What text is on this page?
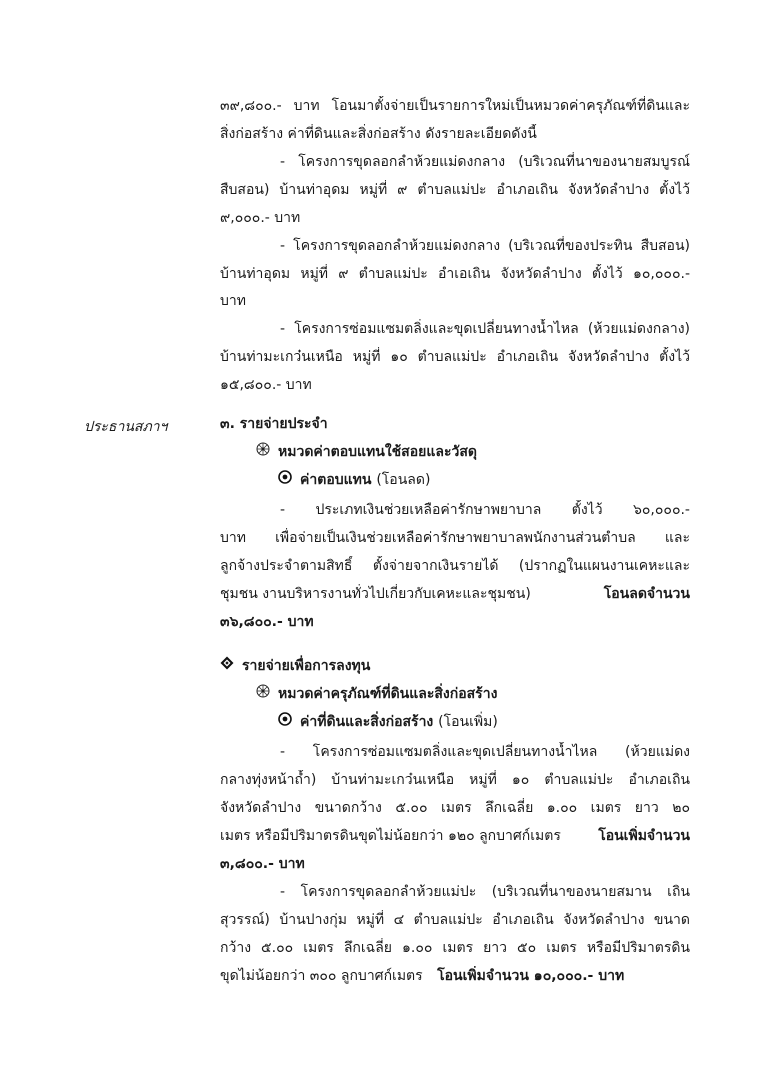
๓๙,๘๐๐.- บาท โอนมาตั้งจ่ายเป็นรายการใหม่เป็นหมวดค่าครุภัณฑ์ที่ดินและ
สิ่งก่อสร้าง ค่าที่ดินและสิ่งก่อสร้าง ดังรายละเอียดดังนี้
- โครงการขุดลอกลำห้วยแม่ดงกลาง (บริเวณที่นาของนายสมบูรณ์
สืบสอน) บ้านท่าอุดม หมู่ที่ ๙ ตำบลแม่ปะ อำเภอเถิน จังหวัดลำปาง ตั้งไว้
๙,๐๐๐.- บาท
- โครงการขุดลอกลำห้วยแม่ดงกลาง (บริเวณที่ของประทิน สืบสอน)
บ้านท่าอุดม หมู่ที่ ๙ ตำบลแม่ปะ อำเอเถิน จังหวัดลำปาง ตั้งไว้ ๑๐,๐๐๐.-
บาท
- โครงการซ่อมแซมตลิ่งและขุดเปลี่ยนทางน้ำไหล (ห้วยแม่ดงกลาง)
บ้านท่ามะเกว๋นเหนือ หมู่ที่ ๑๐ ตำบลแม่ปะ อำเภอเถิน จังหวัดลำปาง ตั้งไว้
๑๕,๘๐๐.- บาท
ประธานสภาฯ	๓. รายจ่ายประจำ
หมวดค่าตอบแทนใช้สอยและวัสดุ
ค่าตอบแทน (โอนลด)
- ประเภทเงินช่วยเหลือค่ารักษาพยาบาล ตั้งไว้ ๖๐,๐๐๐.-
บาท เพื่อจ่ายเป็นเงินช่วยเหลือค่ารักษาพยาบาลพนักงานส่วนตำบล และ
ลูกจ้างประจำตามสิทธิ์ ตั้งจ่ายจากเงินรายได้ (ปรากฏในแผนงานเคหะและ
ชุมชน งานบริหารงานทั่วไปเกี่ยวกับเคหะและชุมชน)	โอนลดจำนวน
๓๖,๘๐๐.- บาท
รายจ่ายเพื่อการลงทุน
หมวดค่าครุภัณฑ์ที่ดินและสิ่งก่อสร้าง
ค่าที่ดินและสิ่งก่อสร้าง (โอนเพิ่ม)
- โครงการซ่อมแซมตลิ่งและขุดเปลี่ยนทางน้ำไหล (ห้วยแม่ดง
กลางทุ่งหน้าถ้ำ) บ้านท่ามะเกว๋นเหนือ หมู่ที่ ๑๐ ตำบลแม่ปะ อำเภอเถิน
จังหวัดลำปาง ขนาดกว้าง ๕.๐๐ เมตร ลึกเฉลี่ย ๑.๐๐ เมตร ยาว ๒๐
เมตร หรือมีปริมาตรดินขุดไม่น้อยกว่า ๑๒๐ ลูกบาศก์เมตร	โอนเพิ่มจำนวน
๓,๘๐๐.- บาท
- โครงการขุดลอกลำห้วยแม่ปะ (บริเวณที่นาของนายสมาน เถิน
สุวรรณ์) บ้านปางกุ่ม หมู่ที่ ๔ ตำบลแม่ปะ อำเภอเถิน จังหวัดลำปาง ขนาด
กว้าง ๕.๐๐ เมตร ลึกเฉลี่ย ๑.๐๐ เมตร ยาว ๕๐ เมตร หรือมีปริมาตรดิน
ขุดไม่น้อยกว่า ๓๐๐ ลูกบาศก์เมตร โอนเพิ่มจำนวน ๑๐,๐๐๐.- บาท
